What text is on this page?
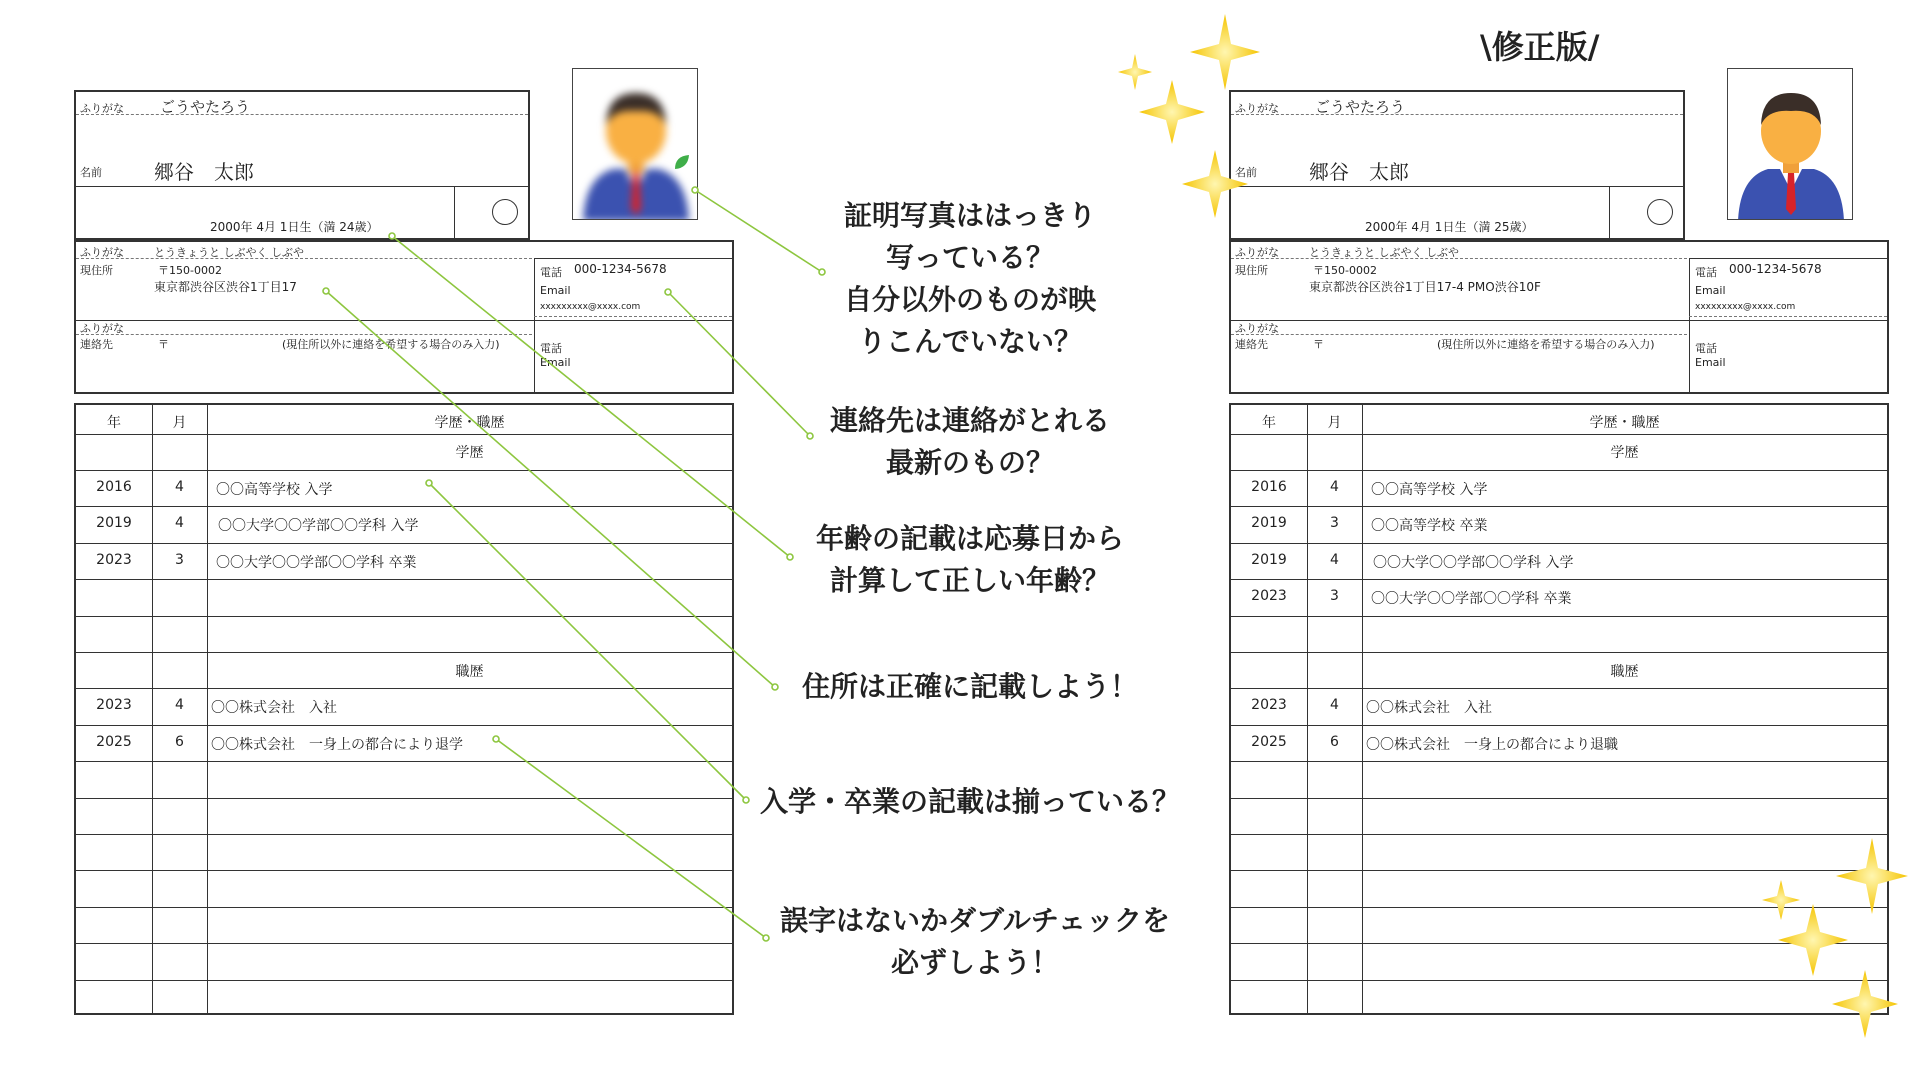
\修正版/
ふりがな ごうやたろう
名前	郷谷　太郎
2000年 4月 1日生（満 24歳）
ふりがな	とうきょうと しぶやく しぶや
現住所	〒150-0002
東京都渋谷区渋谷1丁目17
電話 000-1234-5678
Email
xxxxxxxxx@xxxx.com
ふりがな
連絡先	〒	(現住所以外に連絡を希望する場合のみ入力)	電話
Email
年	月	学歴・職歴
学歴
2016	4	〇〇高等学校 入学
2019	4	〇〇大学〇〇学部〇〇学科 入学
2023	3	〇〇大学〇〇学部〇〇学科 卒業
職歴
2023	4	〇〇株式会社　入社
2025	6	〇〇株式会社　一身上の都合により退学
ふりがな ごうやたろう
名前	郷谷　太郎
2000年 4月 1日生（満 25歳）
ふりがな	とうきょうと しぶやく しぶや
現住所	〒150-0002
東京都渋谷区渋谷1丁目17-4 PMO渋谷10F
電話 000-1234-5678
Email
xxxxxxxxx@xxxx.com
ふりがな
連絡先	〒	(現住所以外に連絡を希望する場合のみ入力)	電話
Email
年	月	学歴・職歴
学歴
2016	4	〇〇高等学校 入学
2019	3	〇〇高等学校 卒業
2019	4	〇〇大学〇〇学部〇〇学科 入学
2023	3	〇〇大学〇〇学部〇〇学科 卒業
職歴
2023	4	〇〇株式会社　入社
2025	6	〇〇株式会社　一身上の都合により退職
証明写真ははっきり
写っている？
自分以外のものが映
りこんでいない？
連絡先は連絡がとれる
最新のもの？
年齢の記載は応募日から
計算して正しい年齢？
住所は正確に記載しよう！
入学・卒業の記載は揃っている？
誤字はないかダブルチェックを
必ずしよう！
